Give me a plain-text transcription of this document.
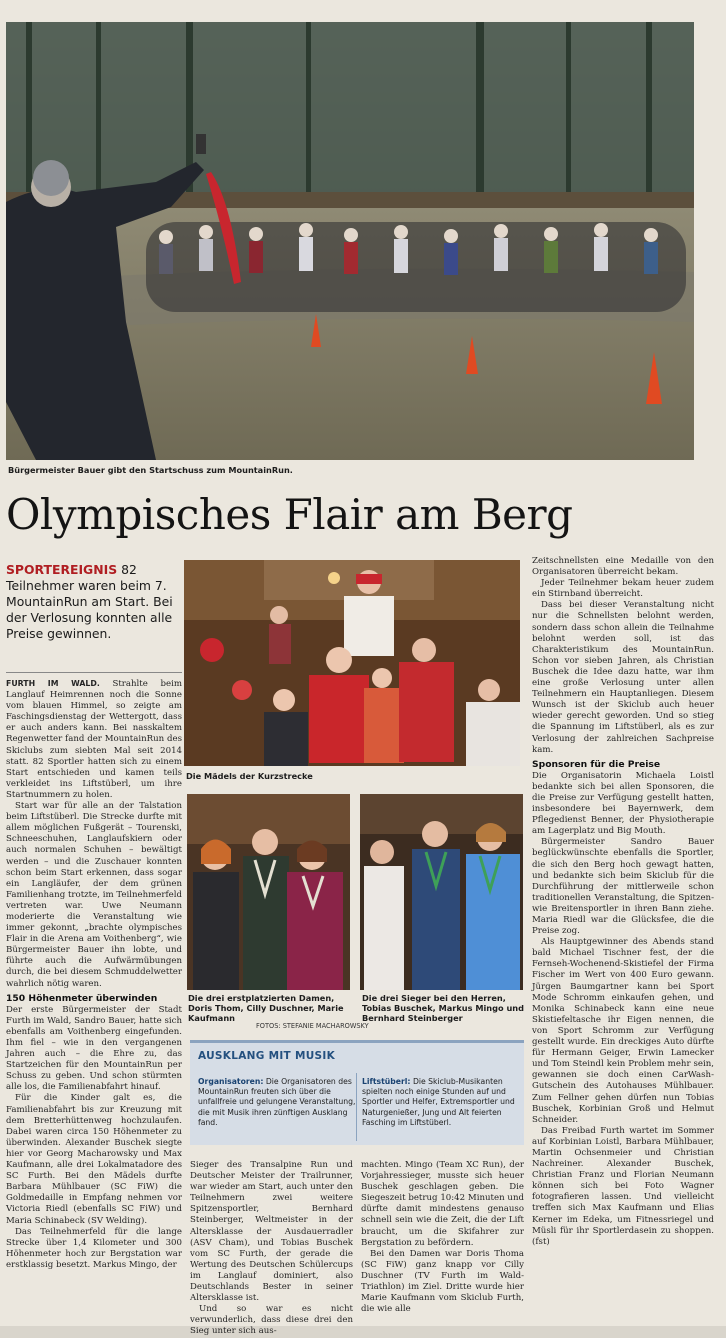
Bürgermeister Bauer gibt den Startschuss zum MountainRun.
Olympisches Flair am Berg
SPORTEREIGNIS 82 Teilnehmer waren beim 7. MountainRun am Start. Bei der Verlosung konnten alle Preise gewinnen.

FURTH IM WALD. Strahlte beim Langlauf Heimrennen noch die Sonne vom blauen Himmel, so zeigte am Faschingsdienstag der Wettergott, dass er auch anders kann. Bei nasskaltem Regenwetter fand der MountainRun des Skiclubs zum siebten Mal seit 2014 statt. 82 Sportler hatten sich zu einem Start entschieden und kamen teils verkleidet ins Liftstüberl, um ihre Startnummern zu holen.

Start war für alle an der Talstation beim Liftstüberl. Die Strecke durfte mit allem möglichen Fußgerät – Tourenski, Schneeschuhen, Langlaufskiern oder auch normalen Schuhen – bewältigt werden – und die Zuschauer konnten schon beim Start erkennen, dass sogar ein Langläufer, der dem grünen Familienhang trotzte, im Teilnehmerfeld vertreten war. Uwe Neumann moderierte die Veranstaltung wie immer gekonnt, „brachte olympisches Flair in die Arena am Voithenberg“, wie Bürgermeister Bauer ihn lobte, und führte auch die Aufwärmübungen durch, die bei diesem Schmuddelwetter wahrlich nötig waren.

150 Höhenmeter überwinden

Der erste Bürgermeister der Stadt Furth im Wald, Sandro Bauer, hatte sich ebenfalls am Voithenberg eingefunden. Ihm fiel – wie in den vergangenen Jahren auch – die Ehre zu, das Startzeichen für den MountainRun per Schuss zu geben. Und schon stürmten alle los, die Familienabfahrt hinauf.

Für die Kinder galt es, die Familienabfahrt bis zur Kreuzung mit dem Bretterhüttenweg hochzulaufen. Dabei waren circa 150 Höhenmeter zu überwinden. Alexander Buschek siegte hier vor Georg Macharowsky und Max Kaufmann, alle drei Lokalmatadore des SC Furth. Bei den Mädels durfte Barbara Mühlbauer (SC FiW) die Goldmedaille in Empfang nehmen vor Victoria Riedl (ebenfalls SC FiW) und Maria Schinabeck (SV Welding).

Das Teilnehmerfeld für die lange Strecke über 1,4 Kilometer und 300 Höhenmeter hoch zur Bergstation war erstklassig besetzt. Markus Mingo, der

Die Mädels der Kurzstrecke
Die drei erstplatzierten Damen, Doris Thom, Cilly Duschner, Marie Kaufmann
Die drei Sieger bei den Herren, Tobias Buschek, Markus Mingo und Bernhard Steinberger
FOTOS: STEFANIE MACHAROWSKY
AUSKLANG MIT MUSIK
Organisatoren: Die Organisatoren des MountainRun freuten sich über die unfallfreie und gelungene Veranstaltung, die mit Musik ihren zünftigen Ausklang fand.
Liftstüberl: Die Skiclub-Musikanten spielten noch einige Stunden auf und Sportler und Helfer, Extremsportler und Naturgenießer, Jung und Alt feierten Fasching im Liftstüberl.

Sieger des Transalpine Run und Deutscher Meister der Trailrunner, war wieder am Start, auch unter den Teilnehmern zwei weitere Spitzensportler, Bernhard Steinberger, Weltmeister in der Altersklasse der Ausdauerradler (ASV Cham), und Tobias Buschek vom SC Furth, der gerade die Wertung des Deutschen Schülercups im Langlauf dominiert, also Deutschlands Bester in seiner Altersklasse ist.

Und so war es nicht verwunderlich, dass diese drei den Sieg unter sich aus-

machten. Mingo (Team XC Run), der Vorjahressieger, musste sich heuer Buschek geschlagen geben. Die Siegeszeit betrug 10:42 Minuten und dürfte damit mindestens genauso schnell sein wie die Zeit, die der Lift braucht, um die Skifahrer zur Bergstation zu befördern.

Bei den Damen war Doris Thoma (SC FiW) ganz knapp vor Cilly Duschner (TV Furth im Wald-Triathlon) im Ziel. Dritte wurde hier Marie Kaufmann vom Skiclub Furth, die wie alle

Zeitschnellsten eine Medaille von den Organisatoren überreicht bekam.

Jeder Teilnehmer bekam heuer zudem ein Stirnband überreicht.

Dass bei dieser Veranstaltung nicht nur die Schnellsten belohnt werden, sondern dass schon allein die Teilnahme belohnt werden soll, ist das Charakteristikum des MountainRun. Schon vor sieben Jahren, als Christian Buschek die Idee dazu hatte, war ihm eine große Verlosung unter allen Teilnehmern ein Hauptanliegen. Diesem Wunsch ist der Skiclub auch heuer wieder gerecht geworden. Und so stieg die Spannung im Liftstüberl, als es zur Verlosung der zahlreichen Sachpreise kam.

Sponsoren für die Preise

Die Organisatorin Michaela Loistl bedankte sich bei allen Sponsoren, die die Preise zur Verfügung gestellt hatten, insbesondere bei Bayernwerk, dem Pflegedienst Benner, der Physiotherapie am Lagerplatz und Big Mouth.

Bürgermeister Sandro Bauer beglückwünschte ebenfalls die Sportler, die sich den Berg hoch gewagt hatten, und bedankte sich beim Skiclub für die Durchführung der mittlerweile schon traditionellen Veranstaltung, die Spitzen- wie Breitensportler in ihren Bann ziehe. Maria Riedl war die Glücksfee, die die Preise zog.

Als Hauptgewinner des Abends stand bald Michael Tischner fest, der die Fernseh-Wochenend-Skistiefel der Firma Fischer im Wert von 400 Euro gewann. Jürgen Baumgartner kann bei Sport Mode Schromm einkaufen gehen, und Monika Schinabeck kann eine neue Skistiefeltasche ihr Eigen nennen, die von Sport Schromm zur Verfügung gestellt wurde. Ein dreckiges Auto dürfte für Hermann Geiger, Erwin Lamecker und Tom Steindl kein Problem mehr sein, gewannen sie doch einen CarWash-Gutschein des Autohauses Mühlbauer. Zum Fellner gehen dürfen nun Tobias Buschek, Korbinian Groß und Helmut Schneider.

Das Freibad Furth wartet im Sommer auf Korbinian Loistl, Barbara Mühlbauer, Martin Ochsenmeier und Christian Nachreiner. Alexander Buschek, Christian Franz und Florian Neumann können sich bei Foto Wagner fotografieren lassen. Und vielleicht treffen sich Max Kaufmann und Elias Kerner im Edeka, um Fitnessriegel und Müsli für ihr Sportlerdasein zu shoppen. (fst)
